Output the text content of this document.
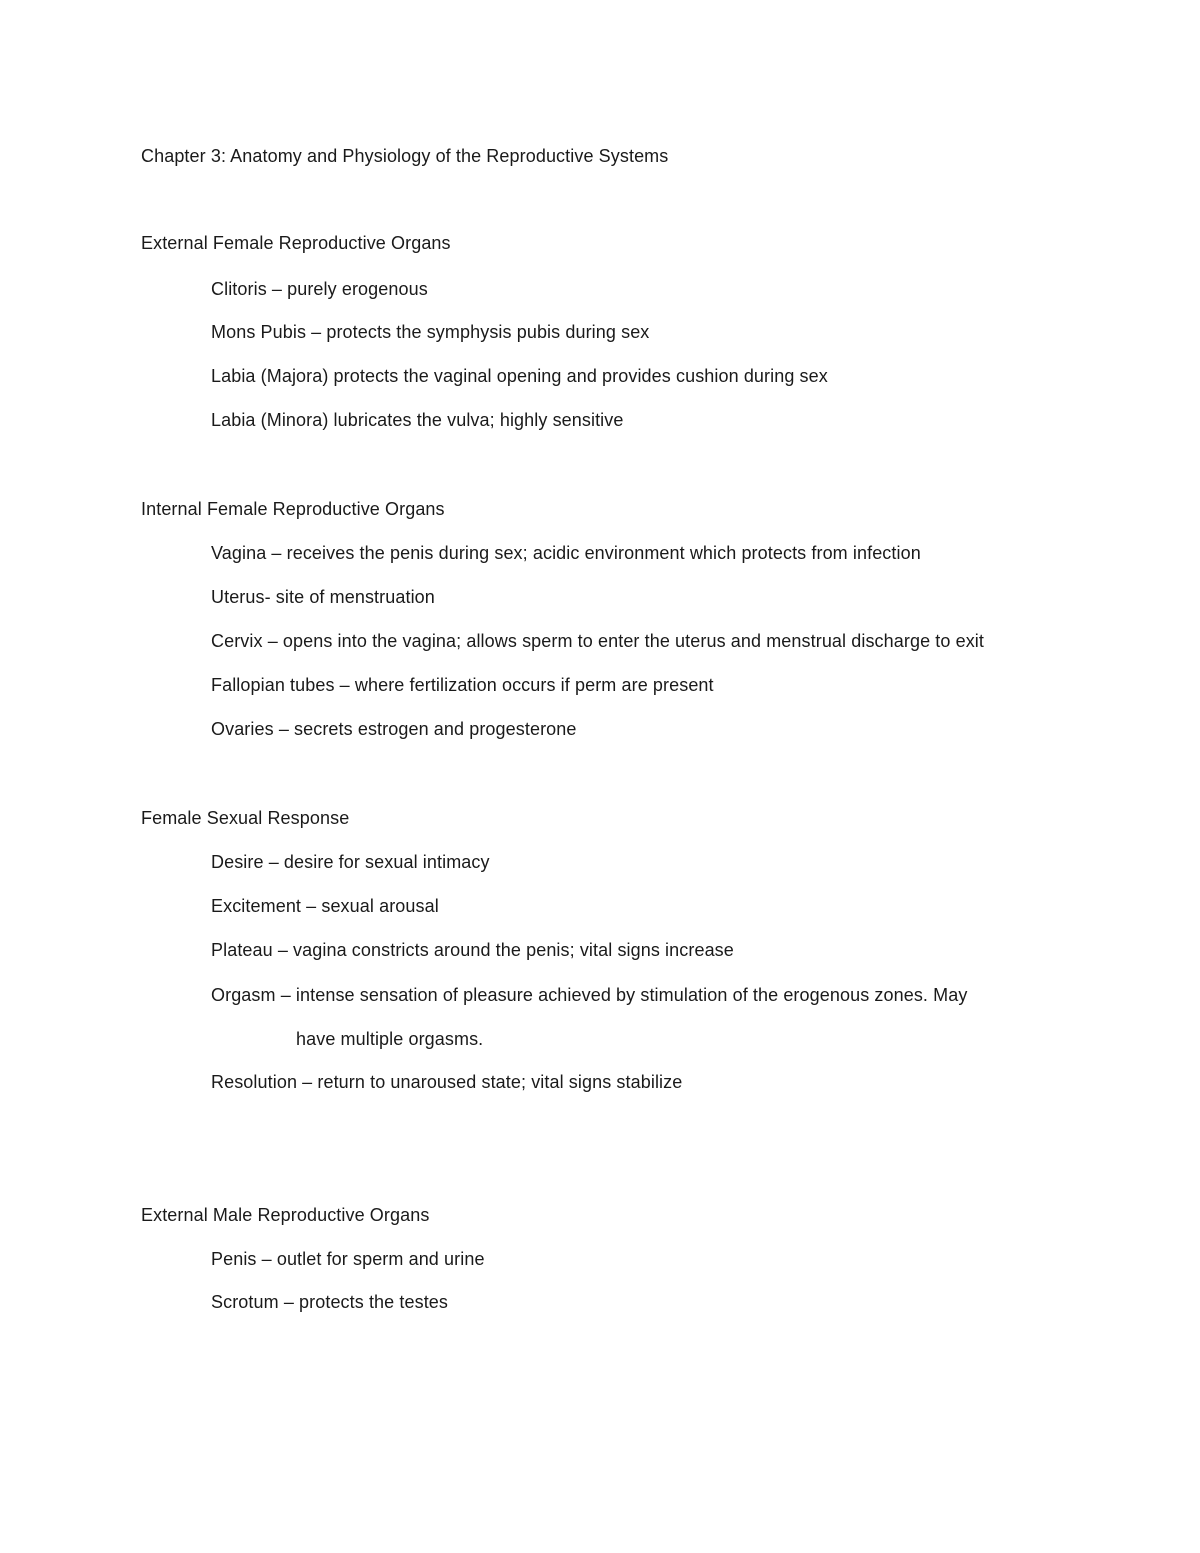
Chapter 3: Anatomy and Physiology of the Reproductive Systems
External Female Reproductive Organs
Clitoris – purely erogenous
Mons Pubis – protects the symphysis pubis during sex
Labia (Majora) protects the vaginal opening and provides cushion during sex
Labia (Minora) lubricates the vulva; highly sensitive
Internal Female Reproductive Organs
Vagina – receives the penis during sex; acidic environment which protects from infection
Uterus- site of menstruation
Cervix – opens into the vagina; allows sperm to enter the uterus and menstrual discharge to exit
Fallopian tubes – where fertilization occurs if perm are present
Ovaries – secrets estrogen and progesterone
Female Sexual Response
Desire – desire for sexual intimacy
Excitement – sexual arousal
Plateau – vagina constricts around the penis; vital signs increase
Orgasm – intense sensation of pleasure achieved by stimulation of the erogenous zones. May
have multiple orgasms.
Resolution – return to unaroused state; vital signs stabilize
External Male Reproductive Organs
Penis – outlet for sperm and urine
Scrotum – protects the testes
